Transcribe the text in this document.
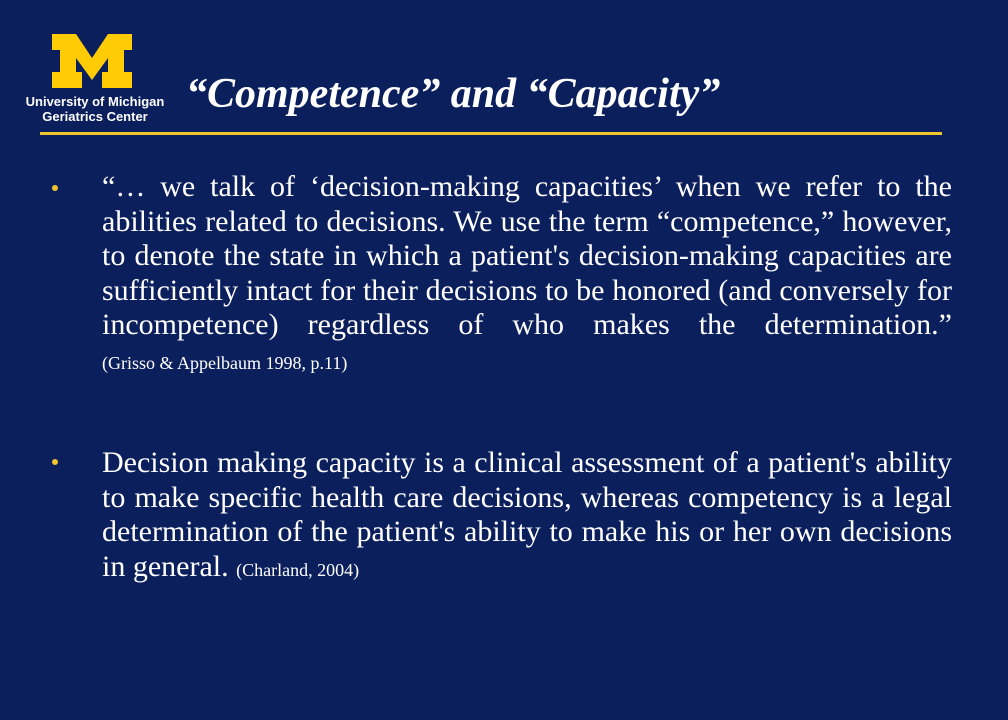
University of Michigan
Geriatrics Center “Competence” and “Capacity”
“… we talk of ‘decision-making capacities’ when we refer to the abilities related to decisions. We use the term “competence,” however, to denote the state in which a patient's decision-making capacities are sufficiently intact for their decisions to be honored (and conversely for incompetence) regardless of who makes the determination.” (Grisso & Appelbaum 1998, p.11)
Decision making capacity is a clinical assessment of a patient's ability to make specific health care decisions, whereas competency is a legal determination of the patient's ability to make his or her own decisions in general. (Charland, 2004)
